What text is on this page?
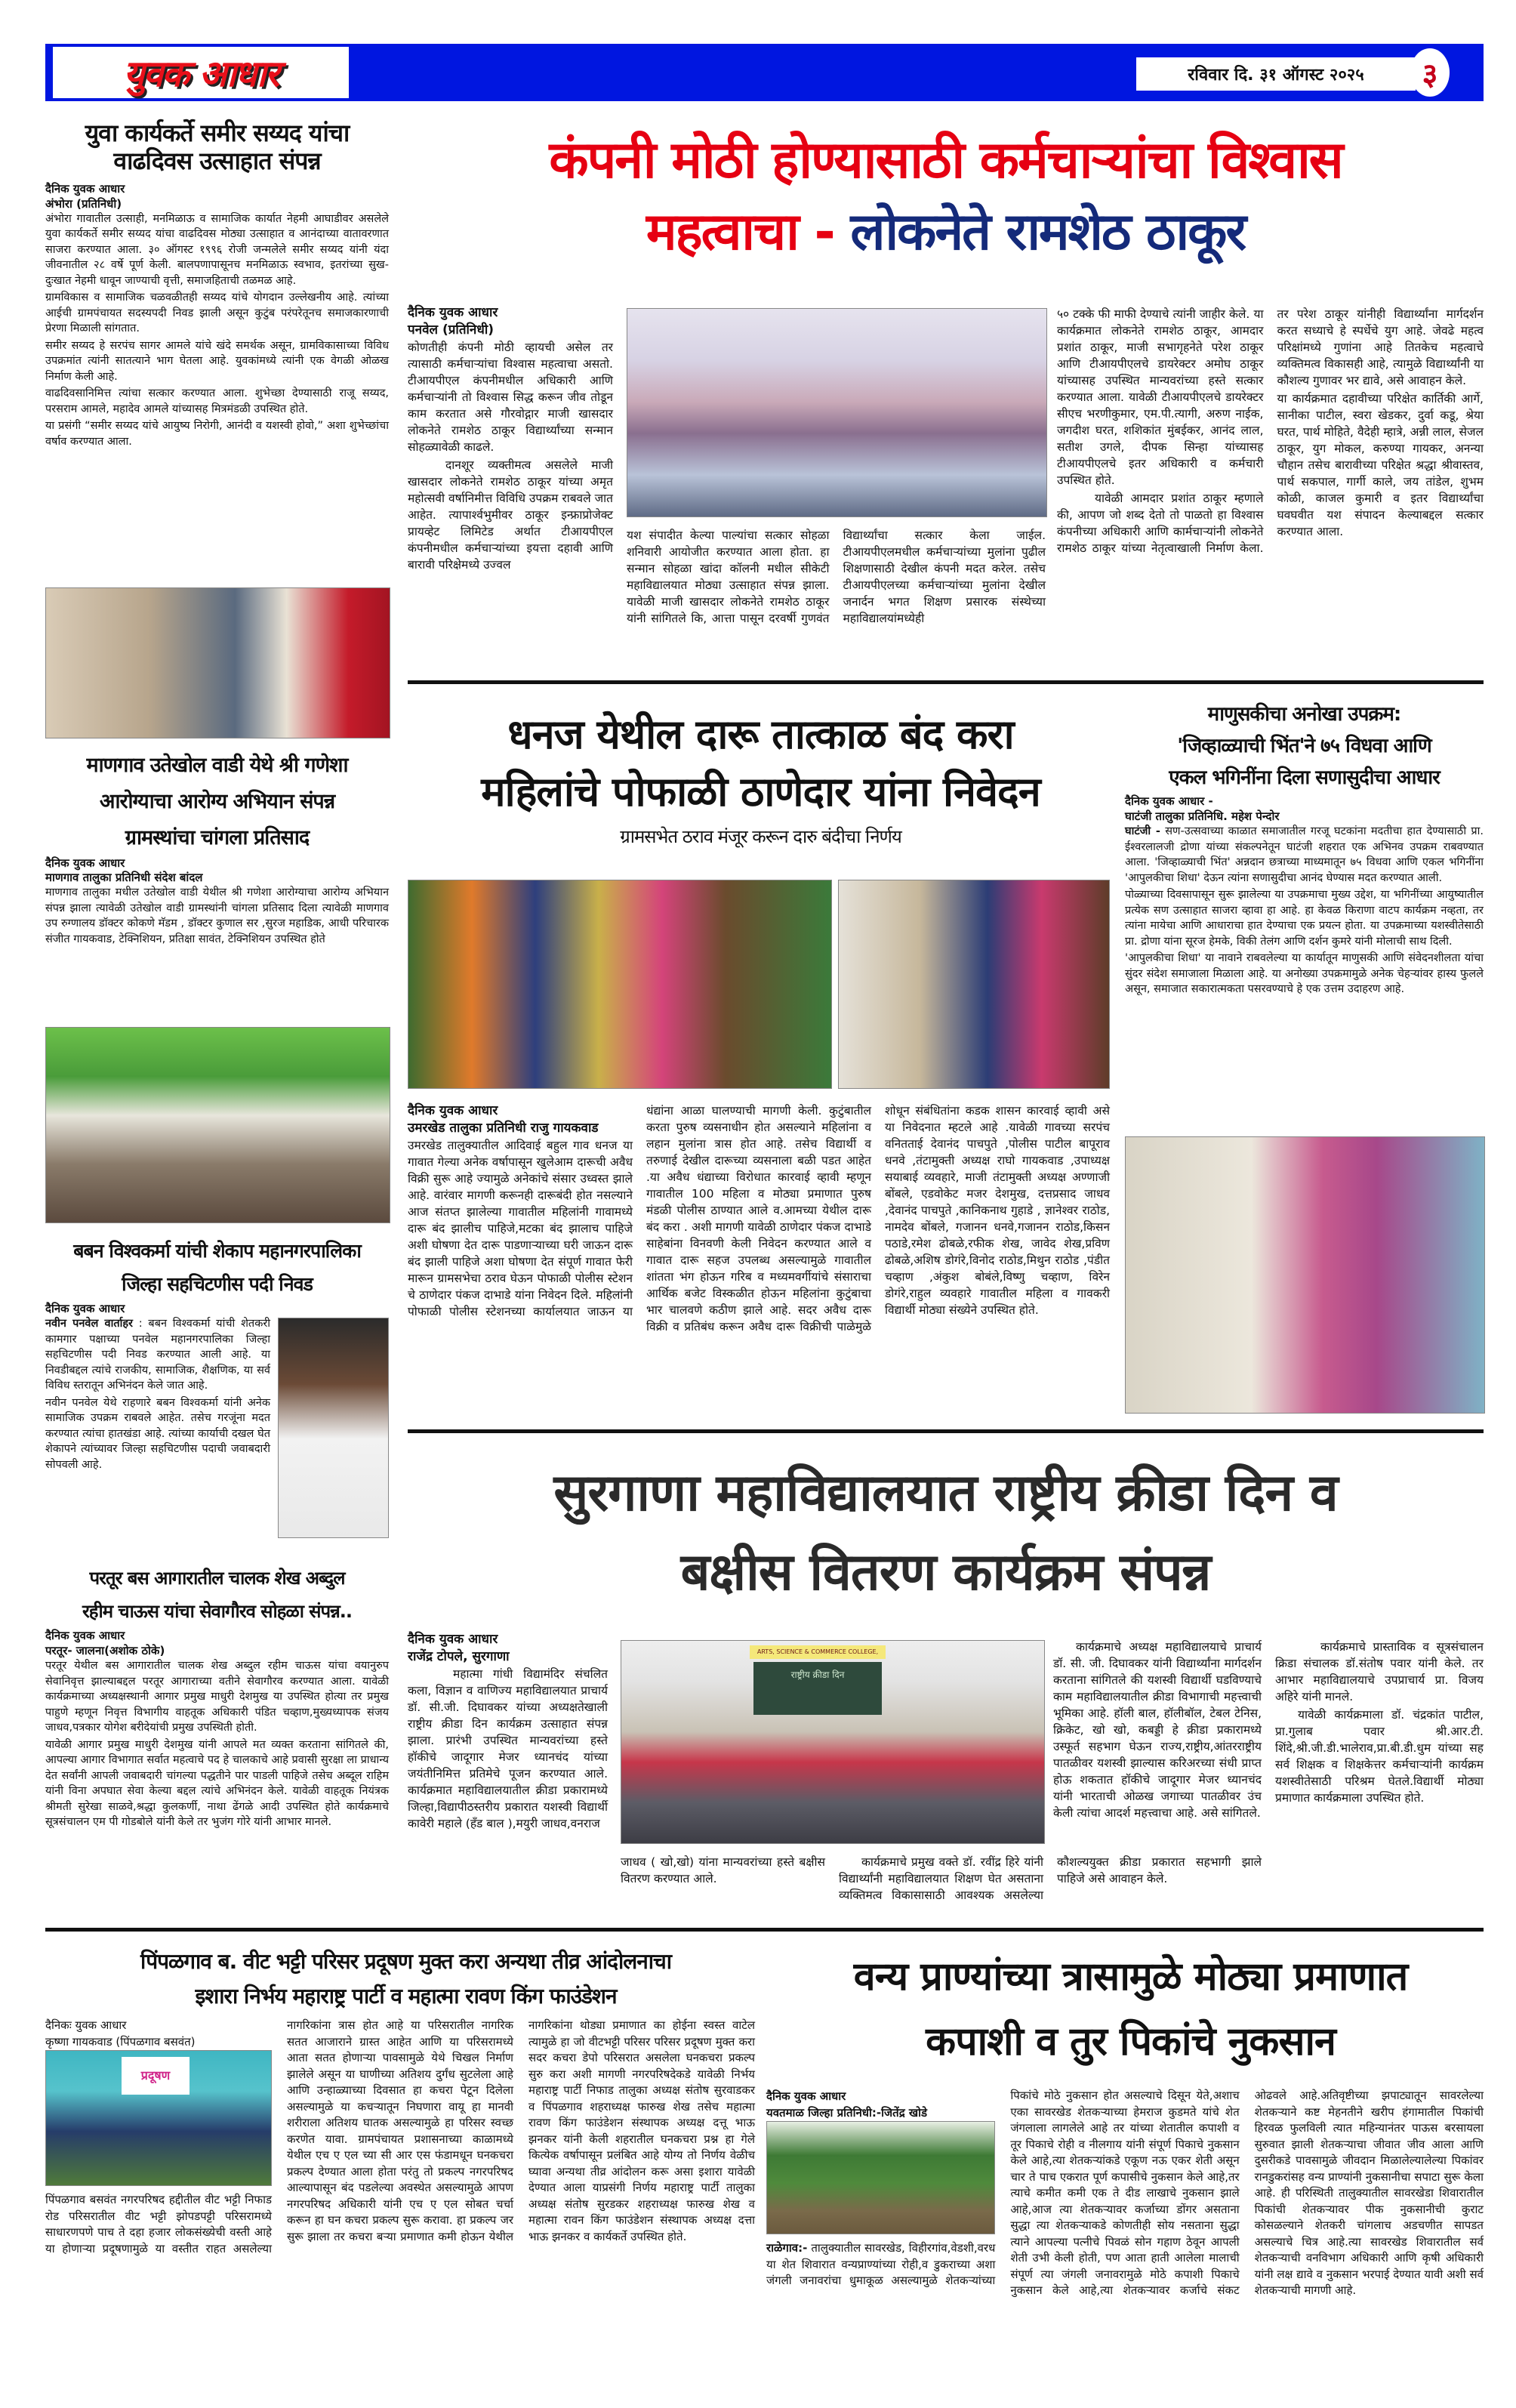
युवक आधार	रविवार दि. ३१ ऑगस्ट २०२५	३
युवा कार्यकर्ते समीर सय्यद यांचा
वाढदिवस उत्साहात संपन्न
दैनिक युवक आधार
अंभोरा (प्रतिनिधी)

अंभोरा गावातील उत्साही, मनमिळाऊ व सामाजिक कार्यात नेहमी आघाडीवर असलेले युवा कार्यकर्ते समीर सय्यद यांचा वाढदिवस मोठ्या उत्साहात व आनंदाच्या वातावरणात साजरा करण्यात आला. ३० ऑगस्ट १९९६ रोजी जन्मलेले समीर सय्यद यांनी यंदा जीवनातील २८ वर्षे पूर्ण केली. बालपणापासूनच मनमिळाऊ स्वभाव, इतरांच्या सुख-दुःखात नेहमी धावून जाण्याची वृत्ती, समाजहिताची तळमळ आहे.

ग्रामविकास व सामाजिक चळवळीतही सय्यद यांचे योगदान उल्लेखनीय आहे. त्यांच्या आईची ग्रामपंचायत सदस्यपदी निवड झाली असून कुटुंब परंपरेतूनच समाजकारणाची प्रेरणा मिळाली सांगतात.

समीर सय्यद हे सरपंच सागर आमले यांचे खंदे समर्थक असून, ग्रामविकासाच्या विविध उपक्रमांत त्यांनी सातत्याने भाग घेतला आहे. युवकांमध्ये त्यांनी एक वेगळी ओळख निर्माण केली आहे.

वाढदिवसानिमित्त त्यांचा सत्कार करण्यात आला. शुभेच्छा देण्यासाठी राजू सय्यद, परसराम आमले, महादेव आमले यांच्यासह मित्रमंडळी उपस्थित होते.

या प्रसंगी “समीर सय्यद यांचे आयुष्य निरोगी, आनंदी व यशस्वी होवो,” अशा शुभेच्छांचा वर्षाव करण्यात आला.

माणगाव उतेखोल वाडी येथे श्री गणेशा
आरोग्याचा आरोग्य अभियान संपन्न
ग्रामस्थांचा चांगला प्रतिसाद
दैनिक युवक आधार
माणगाव तालुका प्रतिनिधी संदेश बांदल

माणगाव तालुका मधील उतेखोल वाडी येथील श्री गणेशा आरोग्याचा आरोग्य अभियान संपन्न झाला त्यावेळी उतेखोल वाडी ग्रामस्थांनी चांगला प्रतिसाद दिला त्यावेळी माणगाव उप रुग्णालय डॉक्टर कोकणे मॅडम , डॉक्टर कुणाल सर ,सुरज महाडिक, आधी परिचारक संजीत गायकवाड, टेक्निशियन, प्रतिक्षा सावंत, टेक्निशियन उपस्थित होते

बबन विश्वकर्मा यांची शेकाप महानगरपालिका
जिल्हा सहचिटणीस पदी निवड
दैनिक युवक आधार

नवीन पनवेल वार्ताहर : बबन विश्वकर्मा यांची शेतकरी कामगार पक्षाच्या पनवेल महानगरपालिका जिल्हा सहचिटणीस पदी निवड करण्यात आली आहे. या निवडीबद्दल त्यांचे राजकीय, सामाजिक, शैक्षणिक, या सर्व विविध स्तरातून अभिनंदन केले जात आहे.

नवीन पनवेल येथे राहणारे बबन विश्वकर्मा यांनी अनेक सामाजिक उपक्रम राबवले आहेत. तसेच गरजूंना मदत करण्यात त्यांचा हातखंडा आहे. त्यांच्या कार्याची दखल घेत शेकापने त्यांच्यावर जिल्हा सहचिटणीस पदाची जवाबदारी सोपवली आहे.

परतूर बस आगारातील चालक शेख अब्दुल
रहीम चाऊस यांचा सेवागौरव सोहळा संपन्न..
दैनिक युवक आधार
परतूर- जालना(अशोक ठोके)

परतूर येथील बस आगारातील चालक शेख अब्दुल रहीम चाऊस यांचा वयानुरुप सेवानिवृत्त झाल्याबद्दल परतूर आगाराच्या वतीने सेवागौरव करण्यात आला. यावेळी कार्यक्रमाच्या अध्यक्षस्थानी आगार प्रमुख माधुरी देशमुख या उपस्थित होत्या तर प्रमुख पाहुणे म्हणून निवृत्त विभागीय वाहतूक अधिकारी पंडित चव्हाण,मुख्यध्यापक संजय जाधव,पत्रकार योगेश बरीदेयांची प्रमुख उपस्थिती होती.

यावेळी आगार प्रमुख माधुरी देशमुख यांनी आपले मत व्यक्त करताना सांगितले की, आपल्या आगार विभागात सर्वात महत्वाचे पद हे चालकाचे आहे प्रवासी सुरक्षा ला प्राधान्य देत सर्वांनी आपली जवाबदारी चांगल्या पद्धतीने पार पाडली पाहिजे तसेच अब्दूल राहिम यांनी विना अपघात सेवा केल्या बद्दल त्यांचे अभिनंदन केले. यावेळी वाहतूक नियंत्रक श्रीमती सुरेखा साळवे,श्रद्धा कुलकर्णी, नाथा ढेंगळे आदी उपस्थित होते कार्यक्रमाचे सूत्रसंचालन एम पी गोडबोले यांनी केले तर भुजंग गोरे यांनी आभार मानले.

कंपनी मोठी होण्यासाठी कर्मचाऱ्यांचा विश्वास
महत्वाचा - लोकनेते रामशेठ ठाकूर
दैनिक युवक आधार
पनवेल (प्रतिनिधी)

कोणतीही कंपनी मोठी व्हायची असेल तर त्यासाठी कर्मचाऱ्यांचा विश्वास महत्वाचा असतो. टीआयपीएल कंपनीमधील अधिकारी आणि कर्मचाऱ्यांनी तो विश्वास सिद्ध करून जीव तोडून काम करतात असे गौरवोद्गार माजी खासदार लोकनेते रामशेठ ठाकूर विद्यार्थ्यांच्या सन्मान सोहळ्यावेळी काढले.

दानशूर व्यक्तीमत्व असलेले माजी खासदार लोकनेते रामशेठ ठाकूर यांच्या अमृत महोत्सवी वर्षानिमीत्त विविधि उपक्रम राबवले जात आहेत. त्यापार्श्वभुमीवर ठाकूर इन्फ्राप्रोजेक्ट प्रायव्हेट लिमिटेड अर्थात टीआयपीएल कंपनीमधील कर्मचाऱ्यांच्या इयत्ता दहावी आणि बारावी परिक्षेमध्ये उज्वल

यश संपादीत केल्या पाल्यांचा सत्कार सोहळा शनिवारी आयोजीत करण्यात आला होता. हा सन्मान सोहळा खांदा कॉलनी मधील सीकेटी महाविद्यालयात मोठ्या उत्साहात संपन्न झाला. यावेळी माजी खासदार लोकनेते रामशेठ ठाकूर यांनी सांगितले कि, आत्ता पासून दरवर्षी गुणवंत विद्यार्थ्यांचा सत्कार केला जाईल. टीआयपीएलमधील कर्मचाऱ्यांच्या मुलांना पुढील शिक्षणासाठी देखील कंपनी मदत करेल. तसेच टीआयपीएलच्या कर्मचाऱ्यांच्या मुलांना देखील जनार्दन भगत शिक्षण प्रसारक संस्थेच्या महाविद्यालयांमध्येही

५० टक्के फी माफी देण्याचे त्यांनी जाहीर केले. या कार्यक्रमात लोकनेते रामशेठ ठाकूर, आमदार प्रशांत ठाकूर, माजी सभागृहनेते परेश ठाकूर आणि टीआयपीएलचे डायरेक्टर अमोघ ठाकूर यांच्यासह उपस्थित मान्यवरांच्या हस्ते सत्कार करण्यात आला. यावेळी टीआयपीएलचे डायरेक्टर सीएच भरणीकुमार, एम.पी.त्यागी, अरुण नाईक, जगदीश घरत, शशिकांत मुंबईकर, आनंद लाल, सतीश उगले, दीपक सिन्हा यांच्यासह टीआयपीएलचे इतर अधिकारी व कर्मचारी उपस्थित होते.

यावेळी आमदार प्रशांत ठाकूर म्हणाले की, आपण जो शब्द देतो तो पाळतो हा विश्वास कंपनीच्या अधिकारी आणि कार्मचाऱ्यांनी लोकनेते रामशेठ ठाकूर यांच्या नेतृत्वाखाली निर्माण केला. तर परेश ठाकूर यांनीही विद्यार्थ्यांना मार्गदर्शन करत सध्याचे हे स्पर्धेचे युग आहे. जेवढे महत्व परिक्षांमध्ये गुणांना आहे तितकेच महत्वाचे व्यक्तिमत्व विकासही आहे, त्यामुळे विद्यार्थ्यांनी या कौशल्य गुणावर भर द्यावे, असे आवाहन केले.

या कार्यक्रमात दहावीच्या परिक्षेत कार्तिकी आर्गे, सानीका पाटील, स्वरा खेडकर, दुर्वा कडू, श्रेया घरत, पार्थ मोहिते, वैदेही म्हात्रे, अन्नी लाल, सेजल ठाकूर, युग मोकल, करुण्या गायकर, अनन्या चौहान तसेच बारावीच्या परिक्षेत श्रद्धा श्रीवास्तव, पार्थ सकपाल, गार्गी काले, जय तांडेल, शुभम कोळी, काजल कुमारी व इतर विद्यार्थ्यांचा घवघवीत यश संपादन केल्याबद्दल सत्कार करण्यात आला.

धनज येथील दारू तात्काळ बंद करा
महिलांचे पोफाळी ठाणेदार यांना निवेदन
ग्रामसभेत ठराव मंजूर करून दारु बंदीचा निर्णय
दैनिक युवक आधार
उमरखेड तालुका प्रतिनिधी राजु गायकवाड

उमरखेड तालुक्यातील आदिवाई बहुल गाव धनज या गावात गेल्या अनेक वर्षापासून खुलेआम दारूची अवैध विक्री सुरू आहे ज्यामुळे अनेकांचे संसार उध्वस्त झाले आहे. वारंवार मागणी करूनही दारूबंदी होत नसल्याने आज संतप्त झालेल्या गावातील महिलांनी गावामध्ये दारू बंद झालीच पाहिजे,मटका बंद झालाच पाहिजे अशी घोषणा देत दारू पाडणाऱ्याच्या घरी जाऊन दारू बंद झाली पाहिजे अशा घोषणा देत संपूर्ण गावात फेरी मारून ग्रामसभेचा ठराव घेऊन पोफाळी पोलीस स्टेशन चे ठाणेदार पंकज दाभाडे यांना निवेदन दिले. महिलांनी पोफाळी पोलीस स्टेशनच्या कार्यालयात जाऊन या धंद्यांना आळा घालण्याची मागणी केली. कुटुंबातील करता पुरुष व्यसनाधीन होत असल्याने महिलांना व लहान मुलांना त्रास होत आहे. तसेच विद्यार्थी व तरुणाई देखील दारूच्या व्यसनाला बळी पडत आहेत .या अवैध धंद्याच्या विरोधात कारवाई व्हावी म्हणून गावातील 100 महिला व मोठ्या प्रमाणात पुरुष मंडळी पोलीस ठाण्यात आले व.आमच्या येथील दारू बंद करा . अशी मागणी यावेळी ठाणेदार पंकज दाभाडे साहेबांना विनवणी केली निवेदन करण्यात आले व गावात दारू सहज उपलब्ध असल्यामुळे गावातील शांतता भंग होऊन गरिब व मध्यमवर्गीयांचे संसाराचा आर्थिक बजेट विस्कळीत होऊन महिलांना कुटुंबाचा भार चालवणे कठीण झाले आहे. सदर अवैध दारू विक्री व प्रतिबंध करून अवैध दारू विक्रीची पाळेमुळे शोधून संबंधितांना कडक शासन कारवाई व्हावी असे या निवेदनात म्हटले आहे .यावेळी गावच्या सरपंच वनितताई देवानंद पाचपुते ,पोलीस पाटील बापूराव धनवे ,तंटामुक्ती अध्यक्ष राघो गायकवाड ,उपाध्यक्ष सयाबाई व्यवहारे, माजी तंटामुक्ती अध्यक्ष अण्णाजी बोंबले, एडवोकेट मजर देशमुख, दत्तप्रसाद जाधव ,देवानंद पाचपुते ,कानिकनाथ गुहाडे , ज्ञानेश्वर राठोड, नामदेव बोंबले, गजानन धनवे,गजानन राठोड,किसन पठाडे,रमेश ढोबळे,रफीक शेख, जावेद शेख,प्रविण ढोबळे,अशिष डोगंरे,विनोद राठोड,मिथुन राठोड ,पंडीत चव्हाण ,अंकुश बोबंले,विष्णु चव्हाण, विरेन डोगंरे,राहुल व्यवहारे गावातील महिला व गावकरी विद्यार्थी मोठ्या संख्येने उपस्थित होते.

माणुसकीचा अनोखा उपक्रम:
'जिव्हाळ्याची भिंत'ने ७५ विधवा आणि
एकल भगिनींना दिला सणासुदीचा आधार
दैनिक युवक आधार -
घाटंजी तालुका प्रतिनिधि. महेश पेन्दोर

घाटंजी - सण-उत्सवाच्या काळात समाजातील गरजू घटकांना मदतीचा हात देण्यासाठी प्रा. ईश्वरलालजी द्रोणा यांच्या संकल्पनेतून घाटंजी शहरात एक अभिनव उपक्रम राबवण्यात आला. 'जिव्हाळ्याची भिंत' अन्नदान छत्राच्या माध्यमातून ७५ विधवा आणि एकल भगिनींना 'आपुलकीचा शिधा' देऊन त्यांना सणासुदीचा आनंद घेण्यास मदत करण्यात आली.

पोळ्याच्या दिवसापासून सुरू झालेल्या या उपक्रमाचा मुख्य उद्देश, या भगिनींच्या आयुष्यातील प्रत्येक सण उत्साहात साजरा व्हावा हा आहे. हा केवळ किराणा वाटप कार्यक्रम नव्हता, तर त्यांना मायेचा आणि आधाराचा हात देण्याचा एक प्रयत्न होता. या उपक्रमाच्या यशस्वीतेसाठी प्रा. द्रोणा यांना सूरज हेमके, विकी तेलंग आणि दर्शन कुमरे यांनी मोलाची साथ दिली.

'आपुलकीचा शिधा' या नावाने राबवलेल्या या कार्यातून माणुसकी आणि संवेदनशीलता यांचा सुंदर संदेश समाजाला मिळाला आहे. या अनोख्या उपक्रमामुळे अनेक चेहऱ्यांवर हास्य फुलले असून, समाजात सकारात्मकता पसरवण्याचे हे एक उत्तम उदाहरण आहे.

सुरगाणा महाविद्यालयात राष्ट्रीय क्रीडा दिन व
बक्षीस वितरण कार्यक्रम संपन्न
दैनिक युवक आधार
राजेंद्र टोपले, सुरगाणा

महात्मा गांधी विद्यामंदिर संचलित कला, विज्ञान व वाणिज्य महाविद्यालयात प्राचार्य डॉ. सी.जी. दिघावकर यांच्या अध्यक्षतेखाली राष्ट्रीय क्रीडा दिन कार्यक्रम उत्साहात संपन्न झाला. प्रारंभी उपस्थित मान्यवरांच्या हस्ते हॉकीचे जादूगार मेजर ध्यानचंद यांच्या जयंतीनिमित्त प्रतिमेचे पूजन करण्यात आले. कार्यक्रमात महाविद्यालयातील क्रीडा प्रकारामध्ये जिल्हा,विद्यापीठस्तरीय प्रकारात यशस्वी विद्यार्थी कावेरी महाले (हॅंड बाल ),मयुरी जाधव,वनराज

ARTS, SCIENCE & COMMERCE COLLEGE,
राष्ट्रीय क्रीडा दिन

जाधव ( खो,खो) यांना मान्यवरांच्या हस्ते बक्षीस वितरण करण्यात आले.

कार्यक्रमाचे प्रमुख वक्ते डॉ. रवींद्र हिरे यांनी विद्यार्थ्यांनी महाविद्यालयात शिक्षण घेत असताना व्यक्तिमत्व विकासासाठी आवश्यक असलेल्या कौशल्ययुक्त क्रीडा प्रकारात सहभागी झाले पाहिजे असे आवाहन केले.

कार्यक्रमाचे अध्यक्ष महाविद्यालयाचे प्राचार्य डॉ. सी. जी. दिघावकर यांनी विद्यार्थ्यांना मार्गदर्शन करताना सांगितले की यशस्वी विद्यार्थी घडविण्याचे काम महाविद्यालयातील क्रीडा विभागाची महत्त्वाची भूमिका आहे. हॉली बाल, हॉलीबॉल, टेबल टेनिस, क्रिकेट, खो खो, कबड्डी हे क्रीडा प्रकारामध्ये उस्फूर्त सहभाग घेऊन राज्य,राष्ट्रीय,आंतरराष्ट्रीय पातळीवर यशस्वी झाल्यास करिअरच्या संधी प्राप्त होऊ शकतात हॉकीचे जादूगार मेजर ध्यानचंद यांनी भारताची ओळख जगाच्या पातळीवर उंच केली त्यांचा आदर्श महत्त्वाचा आहे. असे सांगितले.

कार्यक्रमाचे प्रास्ताविक व सूत्रसंचालन क्रिडा संचालक डॉ.संतोष पवार यांनी केले. तर आभार महाविद्यालयाचे उपप्राचार्य प्रा. विजय अहिरे यांनी मानले.

यावेळी कार्यक्रमाला डॉ. चंद्रकांत पाटील, प्रा.गुलाब पवार श्री.आर.टी. शिंदे,श्री.जी.डी.भालेराव,प्रा.बी.डी.धुम यांच्या सह सर्व शिक्षक व शिक्षकेत्तर कर्मचाऱ्यांनी कार्यक्रम यशस्वीतेसाठी परिश्रम घेतले.विद्यार्थी मोठ्या प्रमाणात कार्यक्रमाला उपस्थित होते.

पिंपळगाव ब. वीट भट्टी परिसर प्रदूषण मुक्त करा अन्यथा तीव्र आंदोलनाचा
इशारा निर्भय महाराष्ट्र पार्टी व महात्मा रावण किंग फाउंडेशन
दैनिकः युवक आधार
कृष्णा गायकवाड (पिंपळगाव बसवंत)
प्रदूषण

पिंपळगाव बसवंत नगरपरिषद हद्दीतील वीट भट्टी निफाड रोड परिसरातील वीट भट्टी झोपडपट्टी परिसरामध्ये साधारणपणे पाच ते दहा हजार लोकसंख्येची वस्ती आहे या होणाऱ्या प्रदूषणामुळे या वस्तीत राहत असलेल्या नागरिकांना त्रास होत आहे या परिसरातील नागरिक सतत आजाराने ग्रास्त आहेत आणि या परिसरामध्ये आता सतत होणाऱ्या पावसामुळे येथे चिखल निर्माण झालेले असून या घाणीच्या अतिशय दुर्गंध सुटलेला आहे आणि उन्हाळ्याच्या दिवसात हा कचरा पेटून दिलेला असल्यामुळे या कचऱ्यातून निघणारा वायू हा मानवी शरीराला अतिशय घातक असल्यामुळे हा परिसर स्वच्छ करणेत यावा. ग्रामपंचायत प्रशासनाच्या काळामध्ये येथील एच ए एल च्या सी आर एस फंडामधून घनकचरा प्रकल्प देण्यात आला होता परंतु तो प्रकल्प नगरपरिषद आल्यापासून बंद पडलेल्या अवस्थेत असल्यामुळे आपण नगरपरिषद अधिकारी यांनी एच ए एल सोबत चर्चा करून हा घन कचरा प्रकल्प सुरू करावा. हा प्रकल्प जर सुरू झाला तर कचरा बऱ्या प्रमाणात कमी होऊन येथील नागरिकांना थोड्या प्रमाणात का होईना स्वस्त वाटेल त्यामुळे हा जो वीटभट्टी परिसर परिसर प्रदूषण मुक्त करा सदर कचरा डेपो परिसरात असलेला घनकचरा प्रकल्प सुरु करा अशी मागणी नगरपरिषदेकडे यावेळी निर्भय महाराष्ट्र पार्टी निफाड तालुका अध्यक्ष संतोष सुरवाडकर व पिंपळगाव शहराध्यक्ष फारुख शेख तसेच महात्मा रावण किंग फाउंडेशन संस्थापक अध्यक्ष दत्तू भाऊ झनकर यांनी केली शहरातील घनकचरा प्रश्न हा गेले कित्येक वर्षापासून प्रलंबित आहे योग्य तो निर्णय वेळीच घ्यावा अन्यथा तीव्र आंदोलन करू असा इशारा यावेळी देण्यात आला याप्रसंगी निर्णय महाराष्ट्र पार्टी तालुका अध्यक्ष संतोष सुरडकर शहराध्यक्ष फारुख शेख व महात्मा रावन किंग फाउंडेशन संस्थापक अध्यक्ष दत्ता भाऊ झनकर व कार्यकर्ते उपस्थित होते.

वन्य प्राण्यांच्या त्रासामुळे मोठ्या प्रमाणात
कपाशी व तुर पिकांचे नुकसान
दैनिक युवक आधार
यवतमाळ जिल्हा प्रतिनिधी:-जितेंद्र खोडे

राळेगाव:- तालुक्यातील सावरखेड, विहीरगांव,वेडशी,वरध या शेत शिवारात वन्यप्राण्यांच्या रोही,व डुकराच्या अशा जंगली जनावरांचा धुमाकूळ असल्यामुळे शेतकऱ्यांच्या पिकांचे मोठे नुकसान होत असल्याचे दिसून येते,अशाच एका सावरखेड शेतकऱ्याच्या हेमराज कुडमते यांचे शेत जंगलाला लागलेले आहे तर यांच्या शेतातील कपाशी व तूर पिकाचे रोही व नीलगाय यांनी संपूर्ण पिकाचे नुकसान केले आहे,त्या शेतकऱ्यांकडे एकूण नऊ एकर शेती असून चार ते पाच एकरात पूर्ण कपासीचे नुकसान केले आहे,तर त्याचे कमीत कमी एक ते दीड लाखाचे नुकसान झाले आहे,आज त्या शेतकऱ्यावर कर्जाच्या डोंगर असताना सुद्धा त्या शेतकऱ्याकडे कोणतीही सोय नसताना सुद्धा त्याने आपल्या पत्नीचे पिवळं सोन गहाण ठेवून आपली शेती उभी केली होती, पण आता हाती आलेला मालाची संपूर्ण त्या जंगली जनावरामुळे मोठे कपाशी पिकाचे नुकसान केले आहे,त्या शेतकऱ्यावर कर्जाचे संकट ओढवले आहे.अतिवृष्टीच्या झपाट्यातून सावरलेल्या शेतकऱ्याने कष्ट मेहनतीने खरीप हंगामातील पिकांची हिरवळ फुलविली त्यात महिन्यानंतर पाऊस बरसायला सुरुवात झाली शेतकऱ्याचा जीवात जीव आला आणि दुसरीकडे पावसामुळे जीवदान मिळालेल्यालेल्या पिकांवर रानडुकरांसह वन्य प्राण्यांनी नुकसानीचा सपाटा सुरू केला आहे. ही परिस्थिती तालुक्यातील सावरखेडा शिवारातील पिकांची शेतकऱ्यावर पीक नुकसानीची कुराट कोसळल्याने शेतकरी चांगलाच अडचणीत सापडत असल्याचे चित्र आहे.त्या सावरखेड शिवारातील सर्व शेतकऱ्याची वनविभाग अधिकारी आणि कृषी अधिकारी यांनी लक्ष द्यावे व नुकसान भरपाई देण्यात यावी अशी सर्व शेतकऱ्याची मागणी आहे.
